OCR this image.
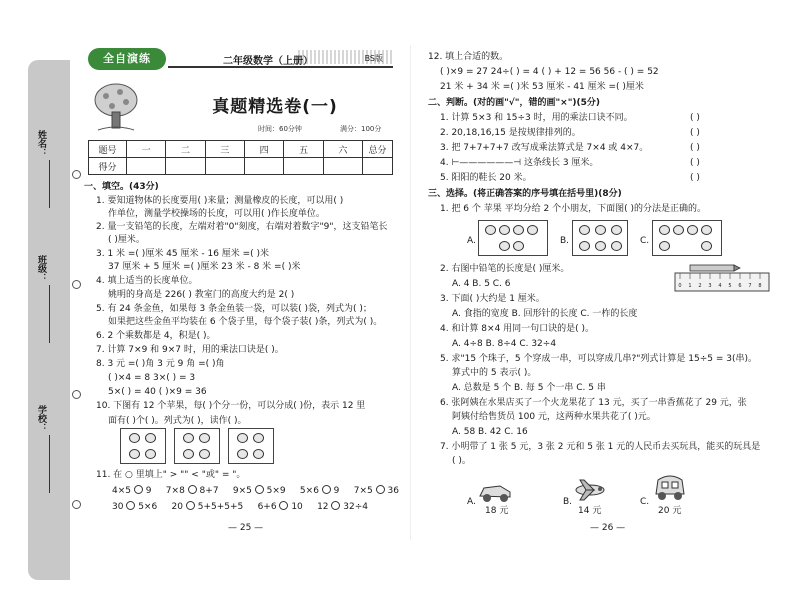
姓名：
班级：
学校：
全自演练	二年级数学（上册）	BS版
真题精选卷(一)
时间：60分钟	满分：100分
题号	一	二	三	四	五	六	总分
得分							
一、填空。(43分)
1. 要知道物体的长度要用( )来量；测量橡皮的长度，可以用( )
作单位，测量学校操场的长度，可以用( )作长度单位。
2. 量一支铅笔的长度，左端对着"0"刻度，右端对着数字"9"，这支铅笔长
( )厘米。
3. 1 米 =( )厘米 45 厘米 - 16 厘米 =( )米
37 厘米 + 5 厘米 =( )厘米 23 米 - 8 米 =( )米
4. 填上适当的长度单位。
姚明的身高是 226( ) 教室门的高度大约是 2( )
5. 有 24 条金鱼，如果每 3 条金鱼装一袋，可以装( )袋，列式为( )；
如果把这些金鱼平均装在 6 个袋子里，每个袋子装( )条，列式为( )。
6. 2 个乘数都是 4，积是( )。
7. 计算 7×9 和 9×7 时，用的乘法口诀是( )。
8. 3 元 =( )角 3 元 9 角 =( )角
( )×4 = 8 3×( ) = 3
5×( ) = 40 ( )×9 = 36
10. 下图有 12 个苹果，每( )个分一份，可以分成( )份，表示 12 里
面有( )个( )。列式为( )，读作( )。
11. 在 ○ 里填上" > "" < "或" = "。
4×5 9 7×8 8+7 9×5 5×9 5×6 9 7×5 36
30 5×6 20 5+5+5+5 6+6 10 12 32÷4
— 25 —
12. 填上合适的数。
( )×9 = 27 24÷( ) = 4 ( ) + 12 = 56 56 - ( ) = 52
21 米 + 34 米 =( )米 53 厘米 - 41 厘米 =( )厘米
二、判断。(对的画"√"，错的画"×")(5分)
1. 计算 5×3 和 15÷3 时，用的乘法口诀不同。	( )
2. 20,18,16,15 是按规律排列的。	( )
3. 把 7+7+7+7 改写成乘法算式是 7×4 或 4×7。	( )
4. ⊢——————⊣ 这条线长 3 厘米。	( )
5. 阳阳的鞋长 20 米。	( )
三、选择。(将正确答案的序号填在括号里)(8分)
1. 把 6 个 苹果 平均分给 2 个小朋友，下面图( )的分法是正确的。
A.	B.	C.
2. 右图中铅笔的长度是( )厘米。
A. 4 B. 5 C. 6	0 1 2 3 4 5 6 7 8
3. 下面( )大约是 1 厘米。
A. 食指的宽度 B. 回形针的长度 C. 一柞的长度
4. 和计算 8×4 用同一句口诀的是( )。
A. 4÷8 B. 8÷4 C. 32÷4
5. 求"15 个珠子，5 个穿成一串，可以穿成几串?"列式计算是 15÷5 = 3(串)。
算式中的 5 表示( )。
A. 总数是 5 个 B. 每 5 个一串 C. 5 串
6. 张阿姨在水果店买了一个火龙果花了 13 元，买了一串香蕉花了 29 元，张
阿姨付给售货员 100 元，这两种水果共花了( )元。
A. 58 B. 42 C. 16
7. 小明带了 1 张 5 元，3 张 2 元和 5 张 1 元的人民币去买玩具，能买的玩具是
( )。
A.
18 元
B.
14 元
C.
20 元
— 26 —
